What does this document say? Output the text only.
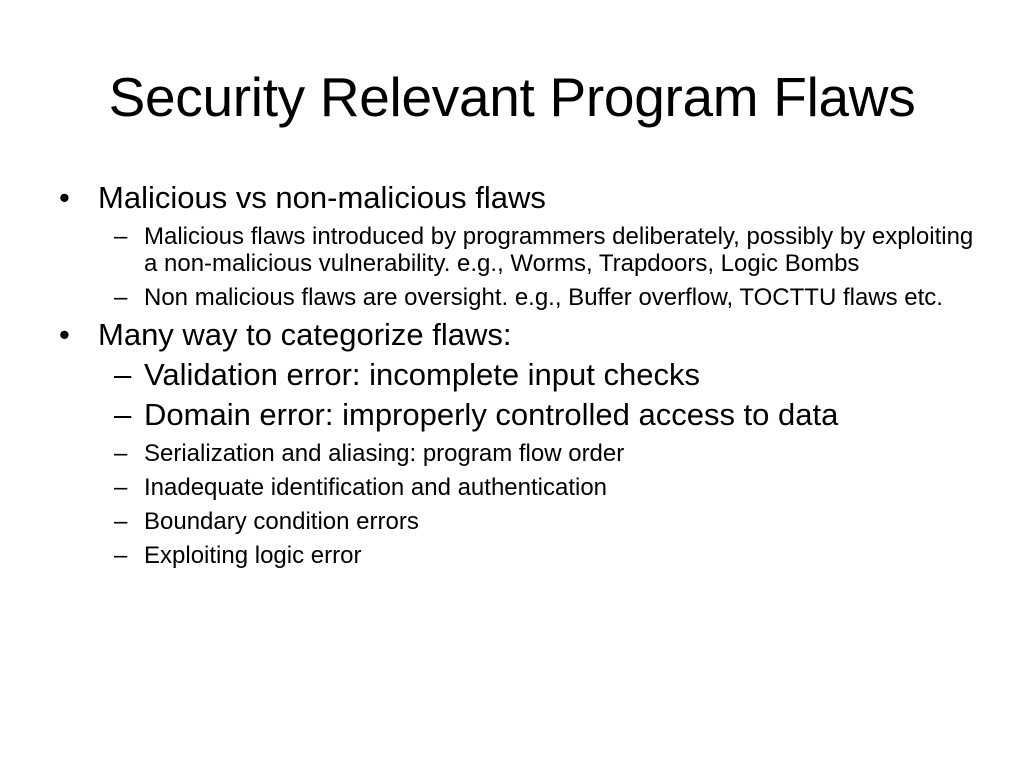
Security Relevant Program Flaws
• Malicious vs non-malicious flaws
– Malicious flaws introduced by programmers deliberately, possibly by exploiting a non-malicious vulnerability. e.g., Worms, Trapdoors, Logic Bombs
– Non malicious flaws are oversight. e.g., Buffer overflow, TOCTTU flaws etc.
• Many way to categorize flaws:
– Validation error: incomplete input checks
– Domain error: improperly controlled access to data
– Serialization and aliasing: program flow order
– Inadequate identification and authentication
– Boundary condition errors
– Exploiting logic error
